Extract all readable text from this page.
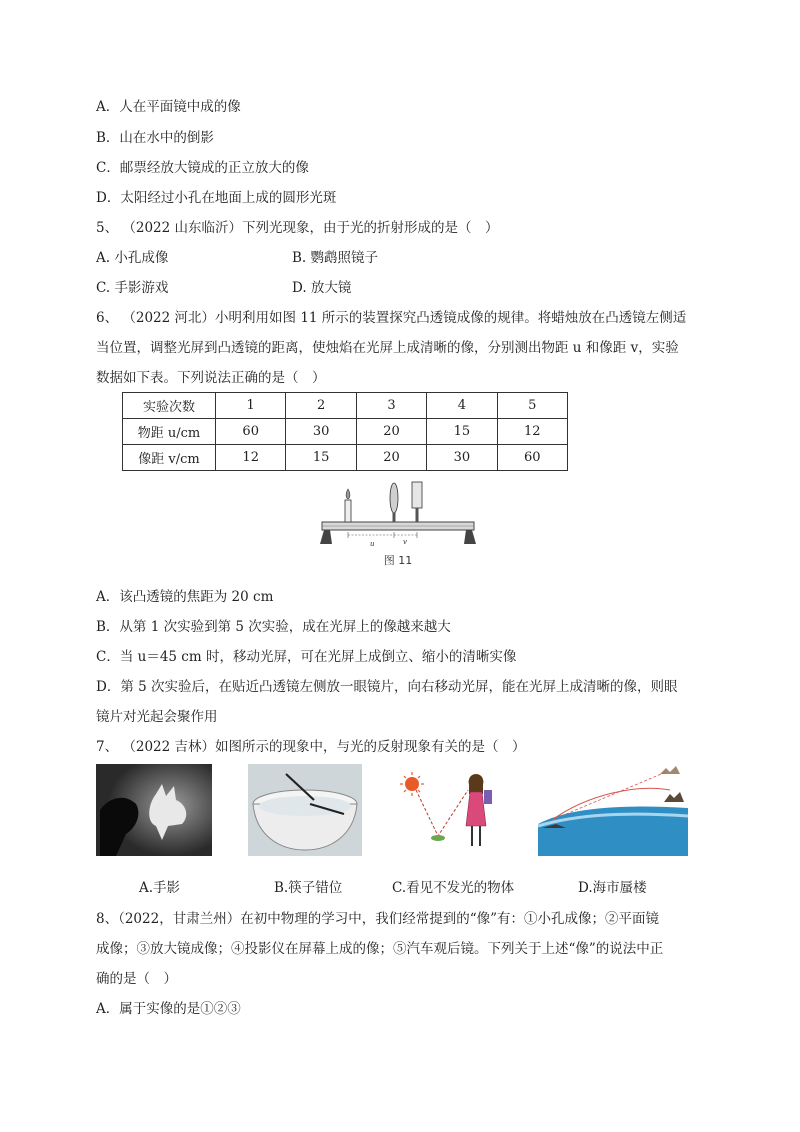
A．人在平面镜中成的像
B．山在水中的倒影
C．邮票经放大镜成的正立放大的像
D．太阳经过小孔在地面上成的圆形光斑
5、 （2022 山东临沂）下列光现象，由于光的折射形成的是（　）
A. 小孔成像	B. 鹦鹉照镜子
C. 手影游戏	D. 放大镜
6、 （2022 河北）小明利用如图 11 所示的装置探究凸透镜成像的规律。将蜡烛放在凸透镜左侧适
当位置，调整光屏到凸透镜的距离，使烛焰在光屏上成清晰的像，分别测出物距 u 和像距 v，实验
数据如下表。下列说法正确的是（　）
实验次数	1	2	3	4	5
物距 u/cm	60	30	20	15	12
像距 v/cm	12	15	20	30	60
u	v
图 11
A．该凸透镜的焦距为 20 cm
B．从第 1 次实验到第 5 次实验，成在光屏上的像越来越大
C．当 u＝45 cm 时，移动光屏，可在光屏上成倒立、缩小的清晰实像
D．第 5 次实验后，在贴近凸透镜左侧放一眼镜片，向右移动光屏，能在光屏上成清晰的像，则眼
镜片对光起会聚作用
7、 （2022 吉林）如图所示的现象中，与光的反射现象有关的是（　）
A.手影	B.筷子错位	C.看见不发光的物体	D.海市蜃楼
8、（2022，甘肃兰州）在初中物理的学习中，我们经常提到的“像”有：①小孔成像；②平面镜
成像；③放大镜成像；④投影仪在屏幕上成的像；⑤汽车观后镜。下列关于上述“像”的说法中正
确的是（　）
A．属于实像的是①②③
